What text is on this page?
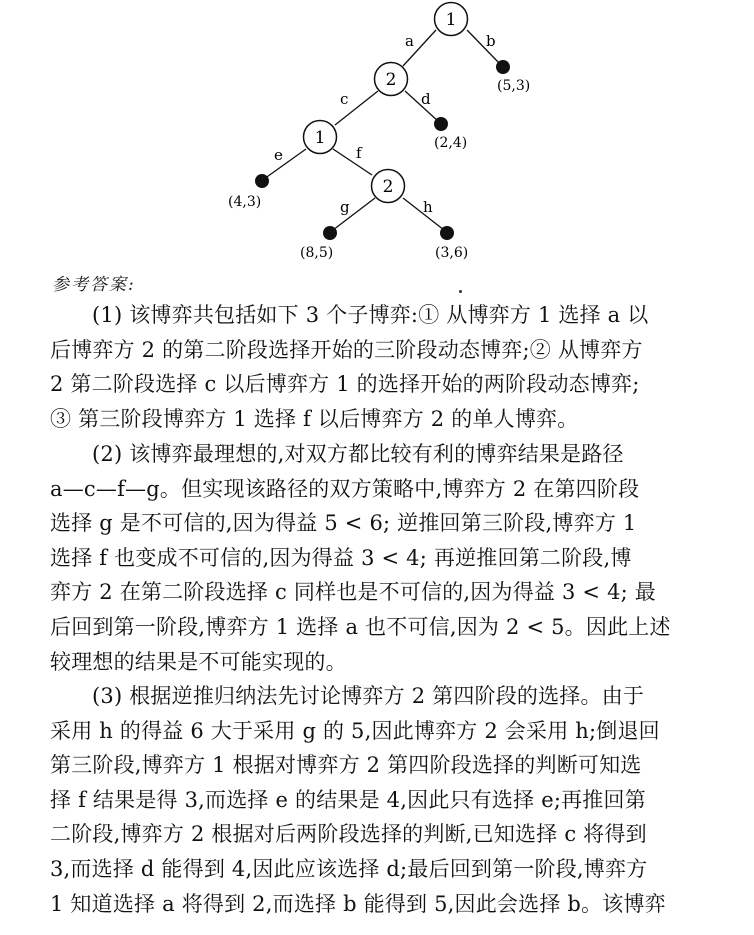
1
2
1
2
a	b
c	d
e	f
g	h
(5,3)
(2,4)
(4,3)
(8,5)	(3,6)
参考答案:
(1) 该博弈共包括如下 3 个子博弈:① 从博弈方 1 选择 a 以
后博弈方 2 的第二阶段选择开始的三阶段动态博弈;② 从博弈方
2 第二阶段选择 c 以后博弈方 1 的选择开始的两阶段动态博弈;
③ 第三阶段博弈方 1 选择 f 以后博弈方 2 的单人博弈。
(2) 该博弈最理想的,对双方都比较有利的博弈结果是路径
a—c—f—g。但实现该路径的双方策略中,博弈方 2 在第四阶段
选择 g 是不可信的,因为得益 5 < 6; 逆推回第三阶段,博弈方 1
选择 f 也变成不可信的,因为得益 3 < 4; 再逆推回第二阶段,博
弈方 2 在第二阶段选择 c 同样也是不可信的,因为得益 3 < 4; 最
后回到第一阶段,博弈方 1 选择 a 也不可信,因为 2 < 5。因此上述
较理想的结果是不可能实现的。
(3) 根据逆推归纳法先讨论博弈方 2 第四阶段的选择。由于
采用 h 的得益 6 大于采用 g 的 5,因此博弈方 2 会采用 h;倒退回
第三阶段,博弈方 1 根据对博弈方 2 第四阶段选择的判断可知选
择 f 结果是得 3,而选择 e 的结果是 4,因此只有选择 e;再推回第
二阶段,博弈方 2 根据对后两阶段选择的判断,已知选择 c 将得到
3,而选择 d 能得到 4,因此应该选择 d;最后回到第一阶段,博弈方
1 知道选择 a 将得到 2,而选择 b 能得到 5,因此会选择 b。该博弈
